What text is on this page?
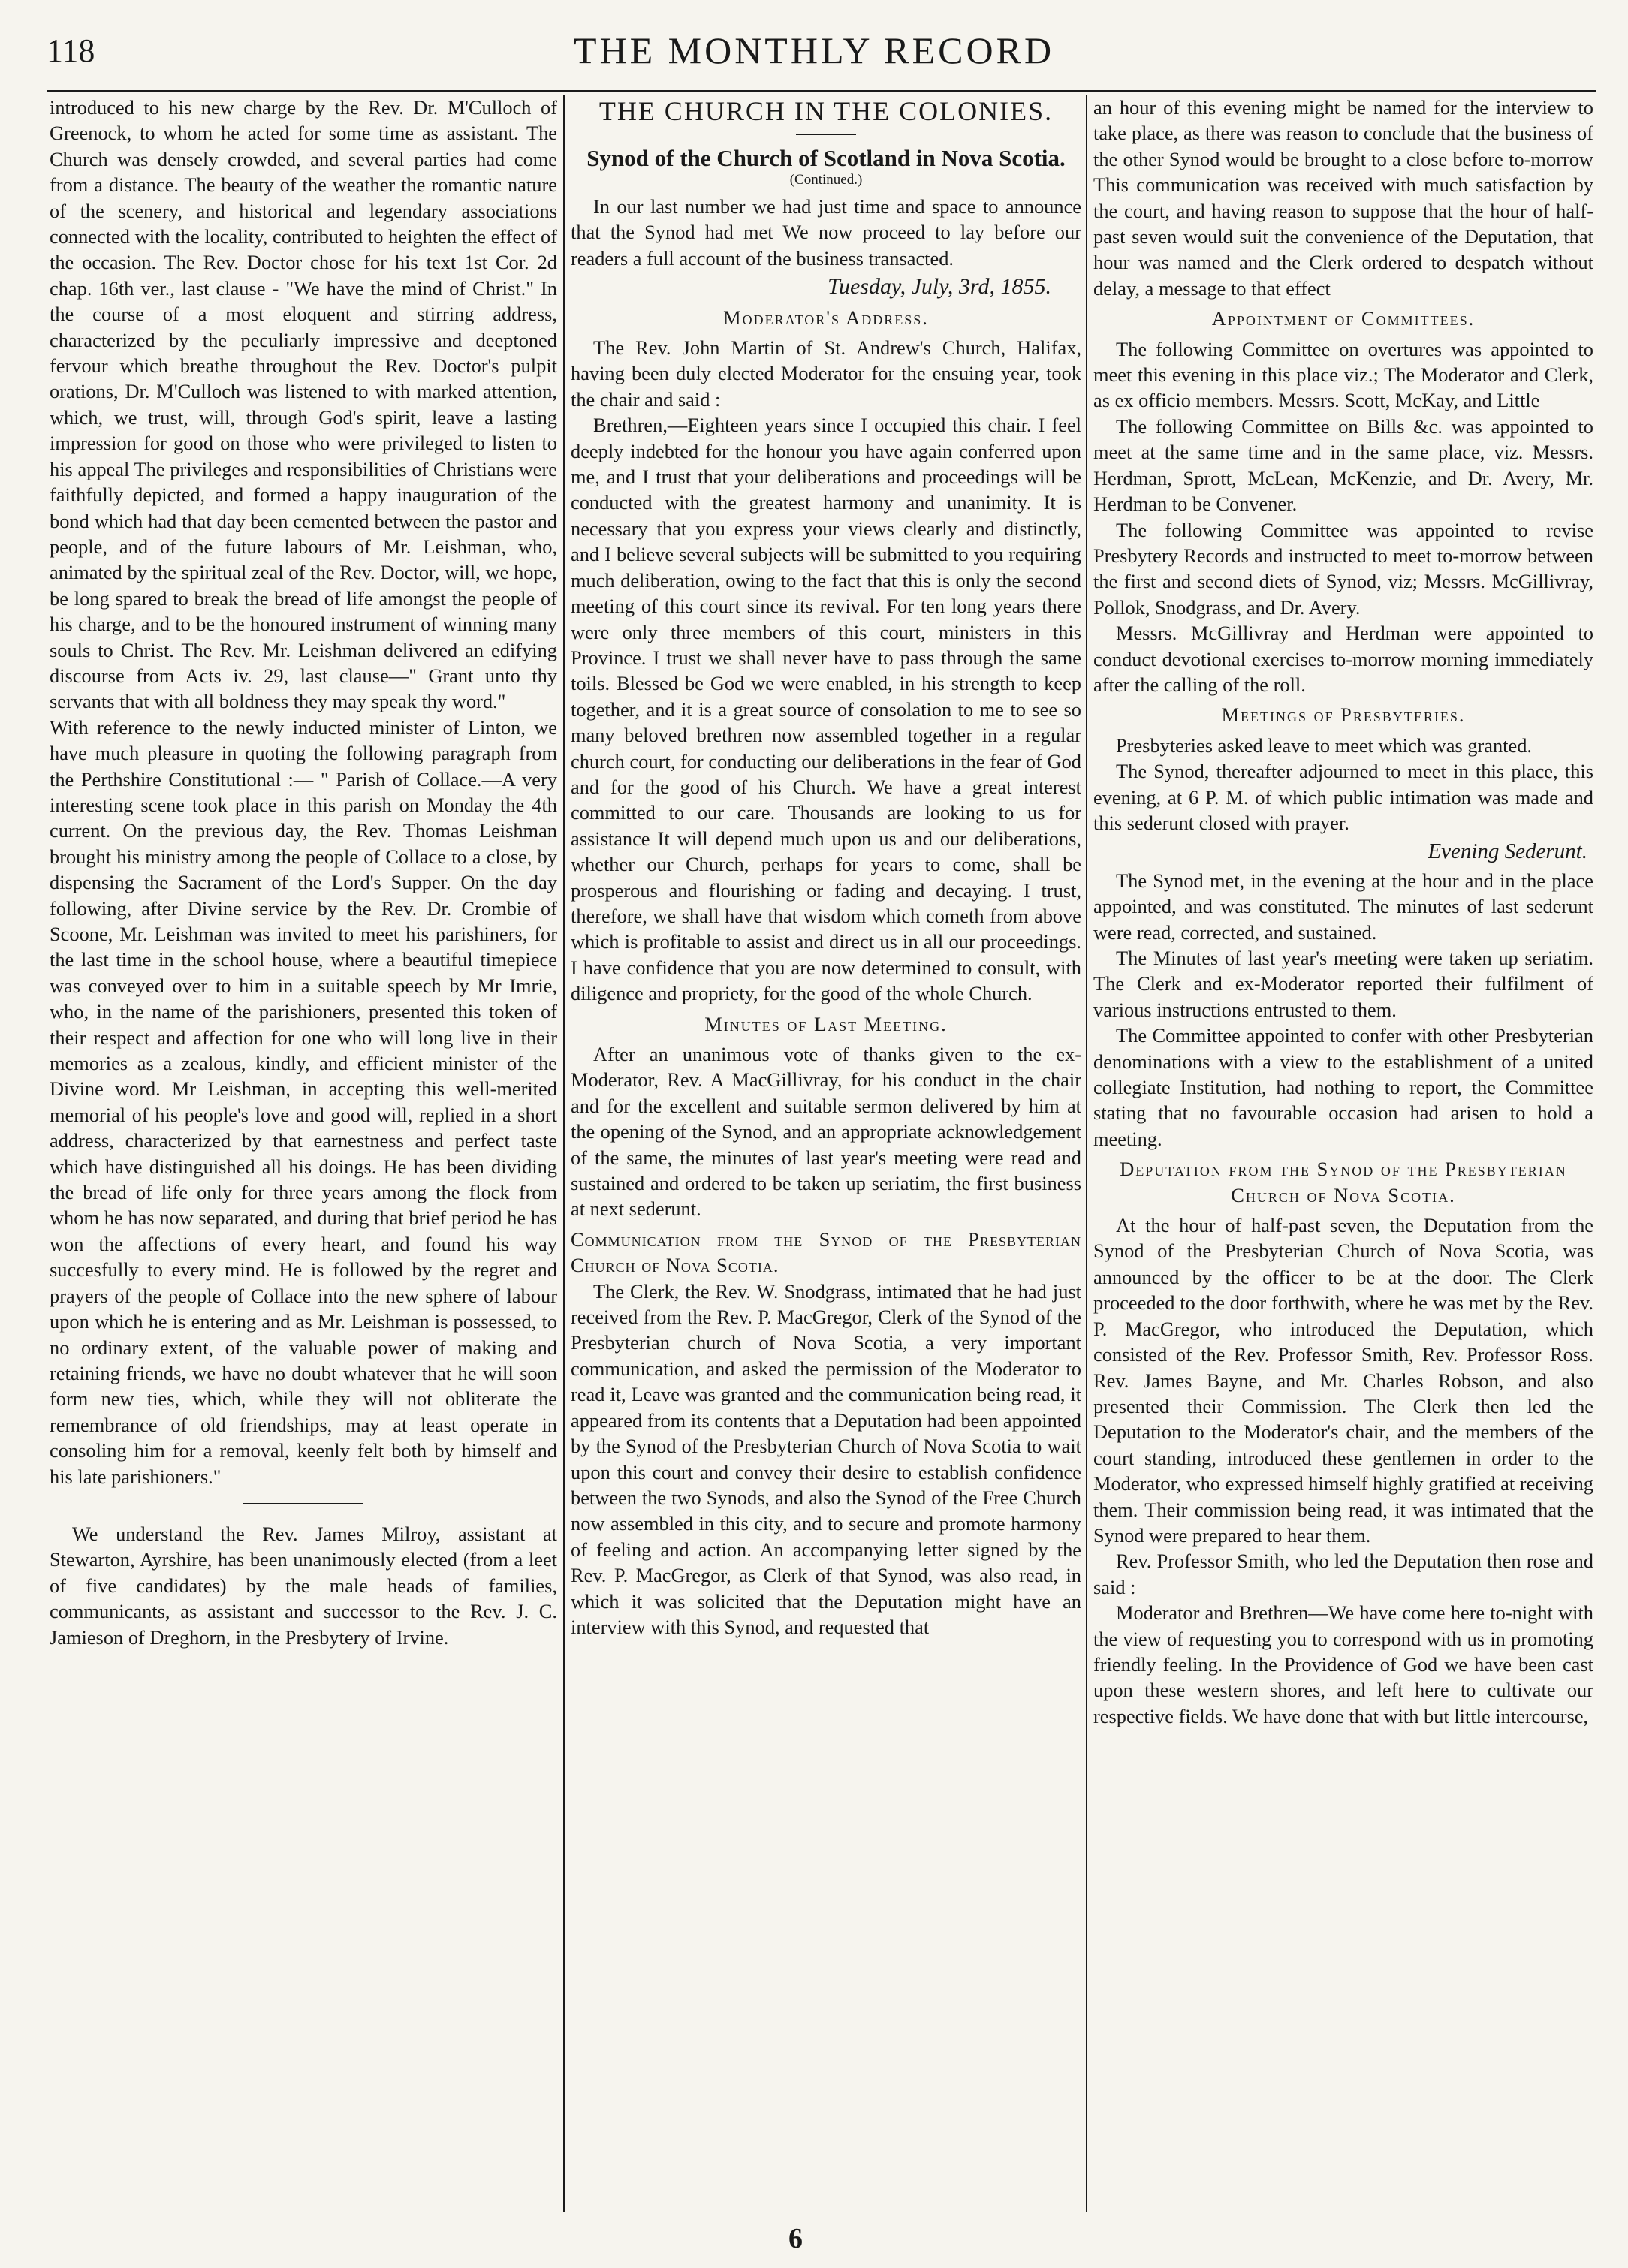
118	THE MONTHLY RECORD

introduced to his new charge by the Rev. Dr. M'Culloch of Greenock, to whom he acted for some time as assistant. The Church was densely crowded, and several parties had come from a distance. The beauty of the weather the romantic nature of the scenery, and historical and legendary associations connected with the locality, contributed to heighten the effect of the occasion. The Rev. Doctor chose for his text 1st Cor. 2d chap. 16th ver., last clause - "We have the mind of Christ." In the course of a most eloquent and stirring address, characterized by the peculiarly impressive and deeptoned fervour which breathe throughout the Rev. Doctor's pulpit orations, Dr. M'Culloch was listened to with marked attention, which, we trust, will, through God's spirit, leave a lasting impression for good on those who were privileged to listen to his appeal The privileges and responsibilities of Christians were faithfully depicted, and formed a happy inauguration of the bond which had that day been cemented between the pastor and people, and of the future labours of Mr. Leishman, who, animated by the spiritual zeal of the Rev. Doctor, will, we hope, be long spared to break the bread of life amongst the people of his charge, and to be the honoured instrument of winning many souls to Christ. The Rev. Mr. Leishman delivered an edifying discourse from Acts iv. 29, last clause—" Grant unto thy servants that with all boldness they may speak thy word."

With reference to the newly inducted minister of Linton, we have much pleasure in quoting the following paragraph from the Perthshire Constitutional :— " Parish of Collace.—A very interesting scene took place in this parish on Monday the 4th current. On the previous day, the Rev. Thomas Leishman brought his ministry among the people of Collace to a close, by dispensing the Sacrament of the Lord's Supper. On the day following, after Divine service by the Rev. Dr. Crombie of Scoone, Mr. Leishman was invited to meet his parishiners, for the last time in the school house, where a beautiful timepiece was conveyed over to him in a suitable speech by Mr Imrie, who, in the name of the parishioners, presented this token of their respect and affection for one who will long live in their memories as a zealous, kindly, and efficient minister of the Divine word. Mr Leishman, in accepting this well-merited memorial of his people's love and good will, replied in a short address, characterized by that earnestness and perfect taste which have distinguished all his doings. He has been dividing the bread of life only for three years among the flock from whom he has now separated, and during that brief period he has won the affections of every heart, and found his way succesfully to every mind. He is followed by the regret and prayers of the people of Collace into the new sphere of labour upon which he is entering and as Mr. Leishman is possessed, to no ordinary extent, of the valuable power of making and retaining friends, we have no doubt whatever that he will soon form new ties, which, while they will not obliterate the remembrance of old friendships, may at least operate in consoling him for a removal, keenly felt both by himself and his late parishioners."

We understand the Rev. James Milroy, assistant at Stewarton, Ayrshire, has been unanimously elected (from a leet of five candidates) by the male heads of families, communicants, as assistant and successor to the Rev. J. C. Jamieson of Dreghorn, in the Presbytery of Irvine.

THE CHURCH IN THE COLONIES.
Synod of the Church of Scotland in Nova Scotia.
(Continued.)

In our last number we had just time and space to announce that the Synod had met We now proceed to lay before our readers a full account of the business transacted.

Tuesday, July, 3rd, 1855.
Moderator's Address.

The Rev. John Martin of St. Andrew's Church, Halifax, having been duly elected Moderator for the ensuing year, took the chair and said :

Brethren,—Eighteen years since I occupied this chair. I feel deeply indebted for the honour you have again conferred upon me, and I trust that your deliberations and proceedings will be conducted with the greatest harmony and unanimity. It is necessary that you express your views clearly and distinctly, and I believe several subjects will be submitted to you requiring much deliberation, owing to the fact that this is only the second meeting of this court since its revival. For ten long years there were only three members of this court, ministers in this Province. I trust we shall never have to pass through the same toils. Blessed be God we were enabled, in his strength to keep together, and it is a great source of consolation to me to see so many beloved brethren now assembled together in a regular church court, for conducting our deliberations in the fear of God and for the good of his Church. We have a great interest committed to our care. Thousands are looking to us for assistance It will depend much upon us and our deliberations, whether our Church, perhaps for years to come, shall be prosperous and flourishing or fading and decaying. I trust, therefore, we shall have that wisdom which cometh from above which is profitable to assist and direct us in all our proceedings. I have confidence that you are now determined to consult, with diligence and propriety, for the good of the whole Church.

Minutes of Last Meeting.

After an unanimous vote of thanks given to the ex-Moderator, Rev. A MacGillivray, for his conduct in the chair and for the excellent and suitable sermon delivered by him at the opening of the Synod, and an appropriate acknowledgement of the same, the minutes of last year's meeting were read and sustained and ordered to be taken up seriatim, the first business at next sederunt.

Communication from the Synod of the Presbyterian Church of Nova Scotia.

The Clerk, the Rev. W. Snodgrass, intimated that he had just received from the Rev. P. MacGregor, Clerk of the Synod of the Presbyterian church of Nova Scotia, a very important communication, and asked the permission of the Moderator to read it, Leave was granted and the communication being read, it appeared from its contents that a Deputation had been appointed by the Synod of the Presbyterian Church of Nova Scotia to wait upon this court and convey their desire to establish confidence between the two Synods, and also the Synod of the Free Church now assembled in this city, and to secure and promote harmony of feeling and action. An accompanying letter signed by the Rev. P. MacGregor, as Clerk of that Synod, was also read, in which it was solicited that the Deputation might have an interview with this Synod, and requested that

an hour of this evening might be named for the interview to take place, as there was reason to conclude that the business of the other Synod would be brought to a close before to-morrow This communication was received with much satisfaction by the court, and having reason to suppose that the hour of half-past seven would suit the convenience of the Deputation, that hour was named and the Clerk ordered to despatch without delay, a message to that effect

Appointment of Committees.

The following Committee on overtures was appointed to meet this evening in this place viz.; The Moderator and Clerk, as ex officio members. Messrs. Scott, McKay, and Little

The following Committee on Bills &c. was appointed to meet at the same time and in the same place, viz. Messrs. Herdman, Sprott, McLean, McKenzie, and Dr. Avery, Mr. Herdman to be Convener.

The following Committee was appointed to revise Presbytery Records and instructed to meet to-morrow between the first and second diets of Synod, viz; Messrs. McGillivray, Pollok, Snodgrass, and Dr. Avery.

Messrs. McGillivray and Herdman were appointed to conduct devotional exercises to-morrow morning immediately after the calling of the roll.

Meetings of Presbyteries.

Presbyteries asked leave to meet which was granted.

The Synod, thereafter adjourned to meet in this place, this evening, at 6 P. M. of which public intimation was made and this sederunt closed with prayer.

Evening Sederunt.

The Synod met, in the evening at the hour and in the place appointed, and was constituted. The minutes of last sederunt were read, corrected, and sustained.

The Minutes of last year's meeting were taken up seriatim. The Clerk and ex-Moderator reported their fulfilment of various instructions entrusted to them.

The Committee appointed to confer with other Presbyterian denominations with a view to the establishment of a united collegiate Institution, had nothing to report, the Committee stating that no favourable occasion had arisen to hold a meeting.

Deputation from the Synod of the Presbyterian Church of Nova Scotia.

At the hour of half-past seven, the Deputation from the Synod of the Presbyterian Church of Nova Scotia, was announced by the officer to be at the door. The Clerk proceeded to the door forthwith, where he was met by the Rev. P. MacGregor, who introduced the Deputation, which consisted of the Rev. Professor Smith, Rev. Professor Ross. Rev. James Bayne, and Mr. Charles Robson, and also presented their Commission. The Clerk then led the Deputation to the Moderator's chair, and the members of the court standing, introduced these gentlemen in order to the Moderator, who expressed himself highly gratified at receiving them. Their commission being read, it was intimated that the Synod were prepared to hear them.

Rev. Professor Smith, who led the Deputation then rose and said :

Moderator and Brethren—We have come here to-night with the view of requesting you to correspond with us in promoting friendly feeling. In the Providence of God we have been cast upon these western shores, and left here to cultivate our respective fields. We have done that with but little intercourse,

6
